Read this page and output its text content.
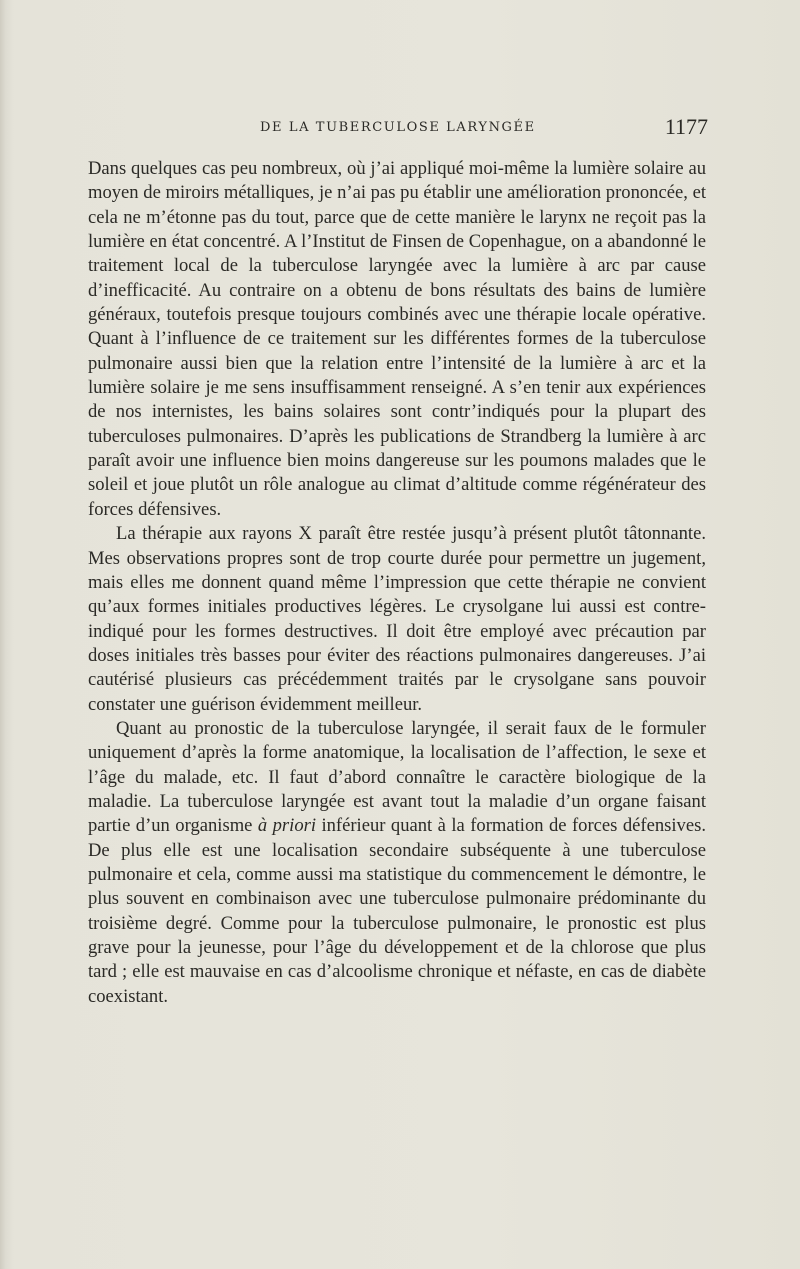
DE LA TUBERCULOSE LARYNGÉE	1177

Dans quelques cas peu nombreux, où j’ai appliqué moi-même la lumière solaire au moyen de miroirs métalliques, je n’ai pas pu établir une amélioration prononcée, et cela ne m’étonne pas du tout, parce que de cette manière le larynx ne reçoit pas la lumière en état concentré. A l’Institut de Finsen de Copenhague, on a abandonné le traitement local de la tuberculose laryngée avec la lumière à arc par cause d’inefficacité. Au contraire on a obtenu de bons résultats des bains de lumière généraux, toutefois presque toujours combinés avec une thérapie locale opérative. Quant à l’influence de ce traitement sur les différentes formes de la tuberculose pulmonaire aussi bien que la relation entre l’intensité de la lumière à arc et la lumière solaire je me sens insuffisamment renseigné. A s’en tenir aux expériences de nos internistes, les bains solaires sont contr’indiqués pour la plupart des tuberculoses pulmonaires. D’après les publications de Strandberg la lumière à arc paraît avoir une influence bien moins dangereuse sur les poumons malades que le soleil et joue plutôt un rôle analogue au climat d’altitude comme régénérateur des forces défensives.

La thérapie aux rayons X paraît être restée jusqu’à présent plutôt tâtonnante. Mes observations propres sont de trop courte durée pour permettre un jugement, mais elles me donnent quand même l’impression que cette thérapie ne convient qu’aux formes initiales productives légères. Le crysolgane lui aussi est contre-indiqué pour les formes destructives. Il doit être employé avec précaution par doses initiales très basses pour éviter des réactions pulmonaires dangereuses. J’ai cautérisé plusieurs cas précédemment traités par le crysolgane sans pouvoir constater une guérison évidemment meilleur.

Quant au pronostic de la tuberculose laryngée, il serait faux de le formuler uniquement d’après la forme anatomique, la localisation de l’affection, le sexe et l’âge du malade, etc. Il faut d’abord connaître le caractère biologique de la maladie. La tuberculose laryngée est avant tout la maladie d’un organe faisant partie d’un organisme à priori inférieur quant à la formation de forces défensives. De plus elle est une localisation secondaire subséquente à une tuberculose pulmonaire et cela, comme aussi ma statistique du commencement le démontre, le plus souvent en combinaison avec une tuberculose pulmonaire prédominante du troisième degré. Comme pour la tuberculose pulmonaire, le pronostic est plus grave pour la jeunesse, pour l’âge du développement et de la chlorose que plus tard ; elle est mauvaise en cas d’alcoolisme chronique et néfaste, en cas de diabète coexistant.
